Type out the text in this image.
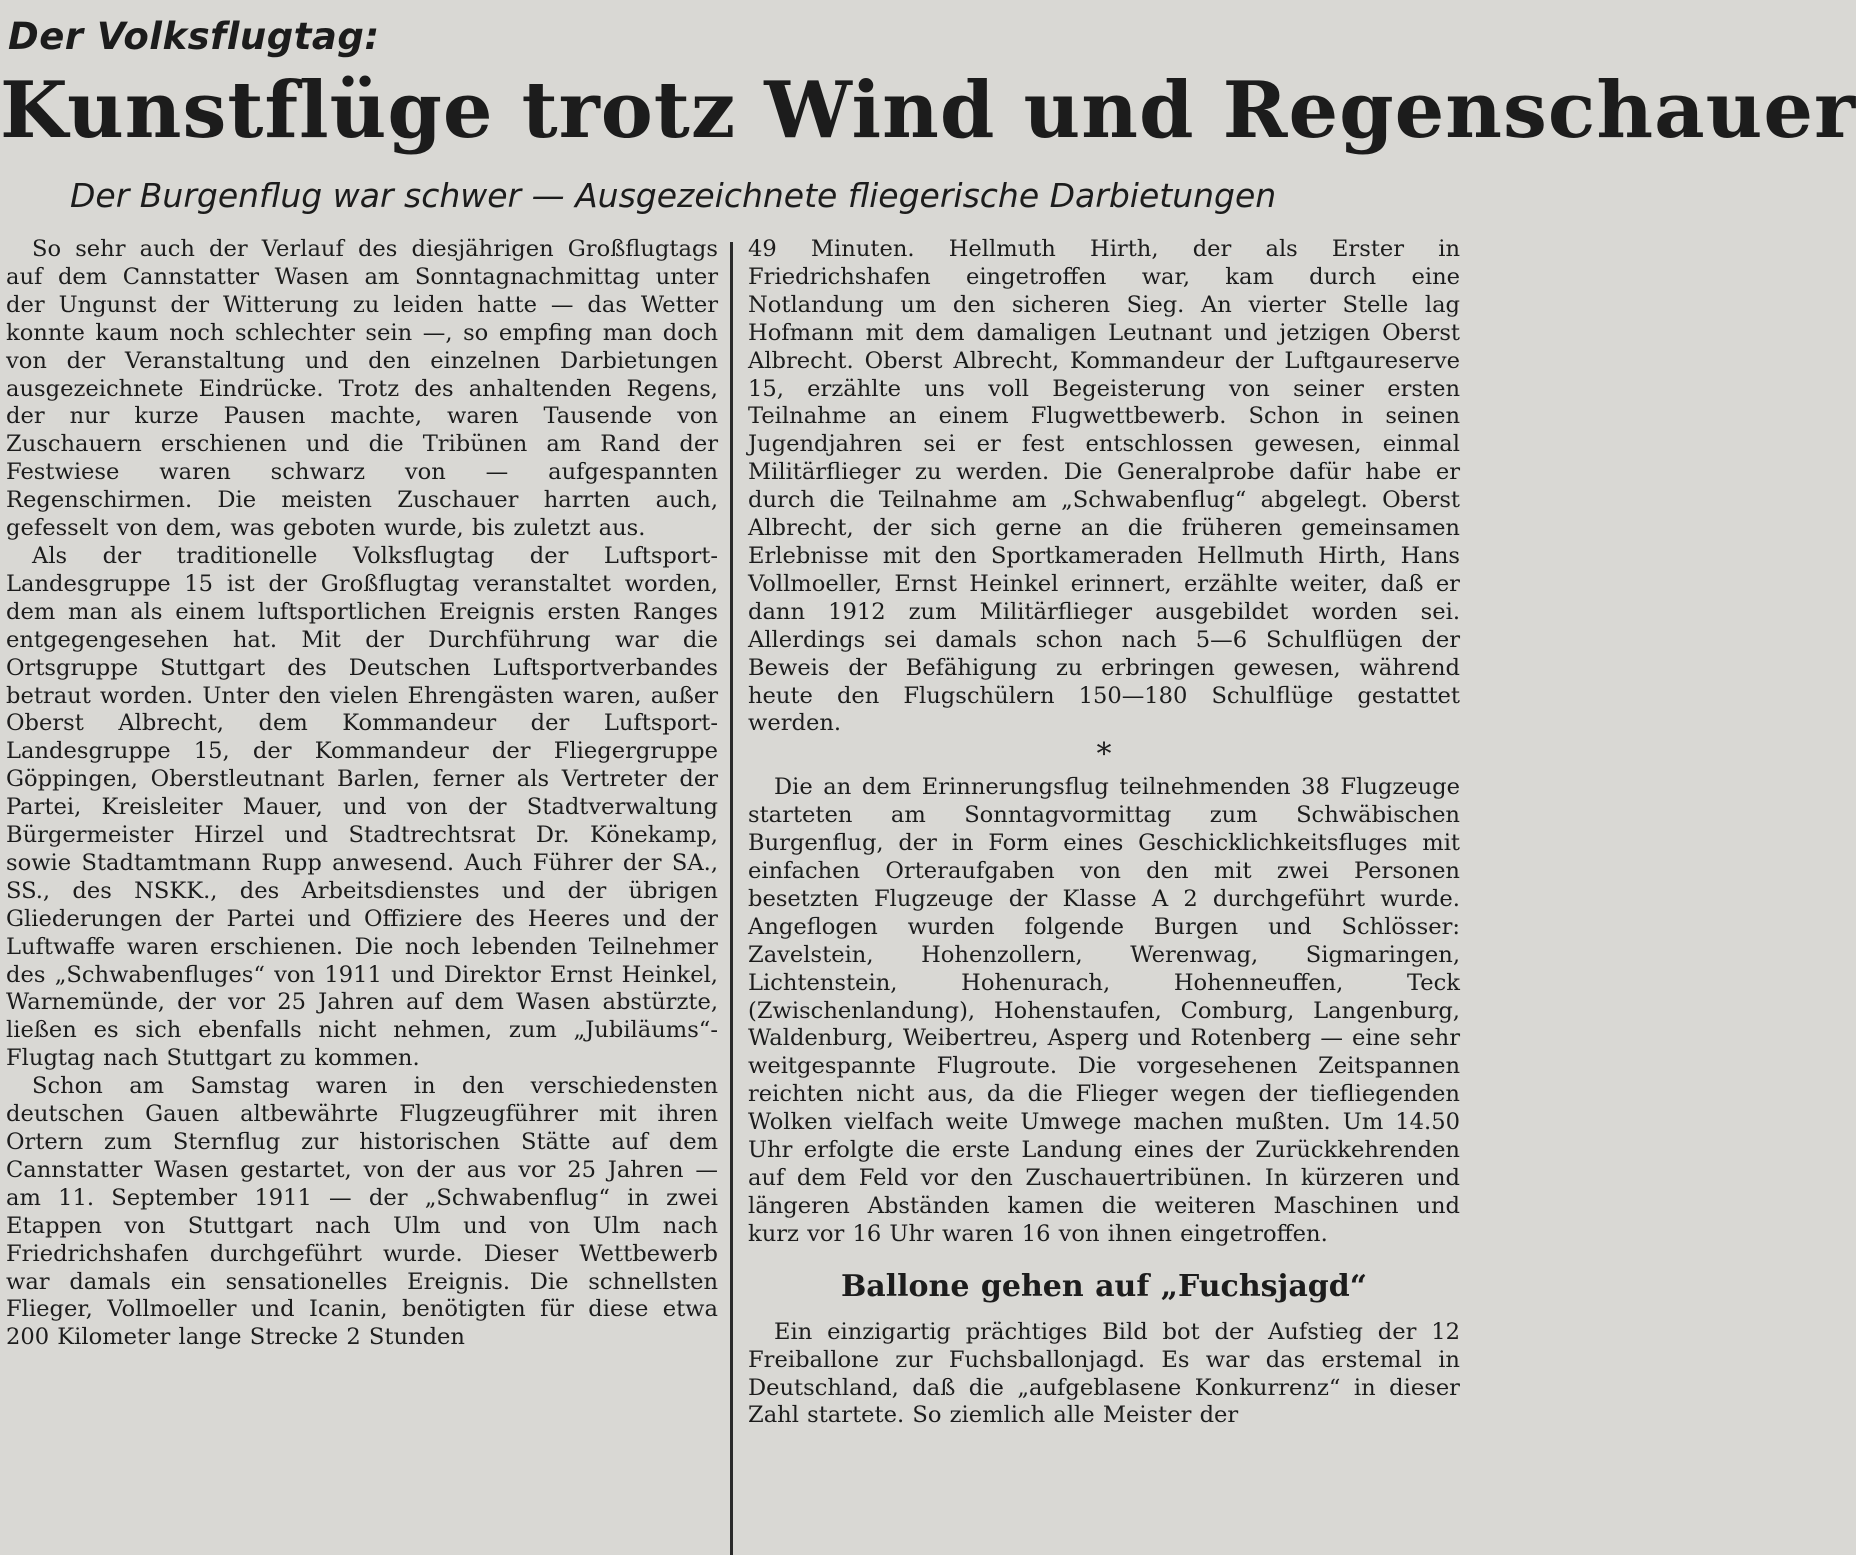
Der Volksflugtag:
Kunstflüge trotz Wind und Regenschauer
Der Burgenflug war schwer — Ausgezeichnete fliegerische Darbietungen

So sehr auch der Verlauf des diesjährigen Großflugtags auf dem Cannstatter Wasen am Sonntagnachmittag unter der Ungunst der Witterung zu leiden hatte — das Wetter konnte kaum noch schlechter sein —, so empfing man doch von der Veranstaltung und den einzelnen Darbietungen ausgezeichnete Eindrücke. Trotz des anhaltenden Regens, der nur kurze Pausen machte, waren Tausende von Zuschauern erschienen und die Tribünen am Rand der Festwiese waren schwarz von — aufgespannten Regenschirmen. Die meisten Zuschauer harrten auch, gefesselt von dem, was geboten wurde, bis zuletzt aus.

Als der traditionelle Volksflugtag der Luftsport-Landesgruppe 15 ist der Großflugtag veranstaltet worden, dem man als einem luftsportlichen Ereignis ersten Ranges entgegengesehen hat. Mit der Durchführung war die Ortsgruppe Stuttgart des Deutschen Luftsportverbandes betraut worden. Unter den vielen Ehrengästen waren, außer Oberst Albrecht, dem Kommandeur der Luftsport-Landesgruppe 15, der Kommandeur der Fliegergruppe Göppingen, Oberstleutnant Barlen, ferner als Vertreter der Partei, Kreisleiter Mauer, und von der Stadtverwaltung Bürgermeister Hirzel und Stadtrechtsrat Dr. Könekamp, sowie Stadtamtmann Rupp anwesend. Auch Führer der SA., SS., des NSKK., des Arbeitsdienstes und der übrigen Gliederungen der Partei und Offiziere des Heeres und der Luftwaffe waren erschienen. Die noch lebenden Teilnehmer des „Schwabenfluges“ von 1911 und Direktor Ernst Heinkel, Warnemünde, der vor 25 Jahren auf dem Wasen abstürzte, ließen es sich ebenfalls nicht nehmen, zum „Jubiläums“-Flugtag nach Stuttgart zu kommen.

Schon am Samstag waren in den verschiedensten deutschen Gauen altbewährte Flugzeugführer mit ihren Ortern zum Sternflug zur historischen Stätte auf dem Cannstatter Wasen gestartet, von der aus vor 25 Jahren — am 11. September 1911 — der „Schwabenflug“ in zwei Etappen von Stuttgart nach Ulm und von Ulm nach Friedrichshafen durchgeführt wurde. Dieser Wettbewerb war damals ein sensationelles Ereignis. Die schnellsten Flieger, Vollmoeller und Icanin, benötigten für diese etwa 200 Kilometer lange Strecke 2 Stunden

49 Minuten. Hellmuth Hirth, der als Erster in Friedrichshafen eingetroffen war, kam durch eine Notlandung um den sicheren Sieg. An vierter Stelle lag Hofmann mit dem damaligen Leutnant und jetzigen Oberst Albrecht. Oberst Albrecht, Kommandeur der Luftgaureserve 15, erzählte uns voll Begeisterung von seiner ersten Teilnahme an einem Flugwettbewerb. Schon in seinen Jugendjahren sei er fest entschlossen gewesen, einmal Militärflieger zu werden. Die Generalprobe dafür habe er durch die Teilnahme am „Schwabenflug“ abgelegt. Oberst Albrecht, der sich gerne an die früheren gemeinsamen Erlebnisse mit den Sportkameraden Hellmuth Hirth, Hans Vollmoeller, Ernst Heinkel erinnert, erzählte weiter, daß er dann 1912 zum Militärflieger ausgebildet worden sei. Allerdings sei damals schon nach 5—6 Schulflügen der Beweis der Befähigung zu erbringen gewesen, während heute den Flugschülern 150—180 Schulflüge gestattet werden.

*

Die an dem Erinnerungsflug teilnehmenden 38 Flugzeuge starteten am Sonntagvormittag zum Schwäbischen Burgenflug, der in Form eines Geschicklichkeitsfluges mit einfachen Orteraufgaben von den mit zwei Personen besetzten Flugzeuge der Klasse A 2 durchgeführt wurde. Angeflogen wurden folgende Burgen und Schlösser: Zavelstein, Hohenzollern, Werenwag, Sigmaringen, Lichtenstein, Hohenurach, Hohenneuffen, Teck (Zwischenlandung), Hohenstaufen, Comburg, Langenburg, Waldenburg, Weibertreu, Asperg und Rotenberg — eine sehr weitgespannte Flugroute. Die vorgesehenen Zeitspannen reichten nicht aus, da die Flieger wegen der tiefliegenden Wolken vielfach weite Umwege machen mußten. Um 14.50 Uhr erfolgte die erste Landung eines der Zurückkehrenden auf dem Feld vor den Zuschauertribünen. In kürzeren und längeren Abständen kamen die weiteren Maschinen und kurz vor 16 Uhr waren 16 von ihnen eingetroffen.

Ballone gehen auf „Fuchsjagd“

Ein einzigartig prächtiges Bild bot der Aufstieg der 12 Freiballone zur Fuchsballonjagd. Es war das erstemal in Deutschland, daß die „aufgeblasene Konkurrenz“ in dieser Zahl startete. So ziemlich alle Meister der
